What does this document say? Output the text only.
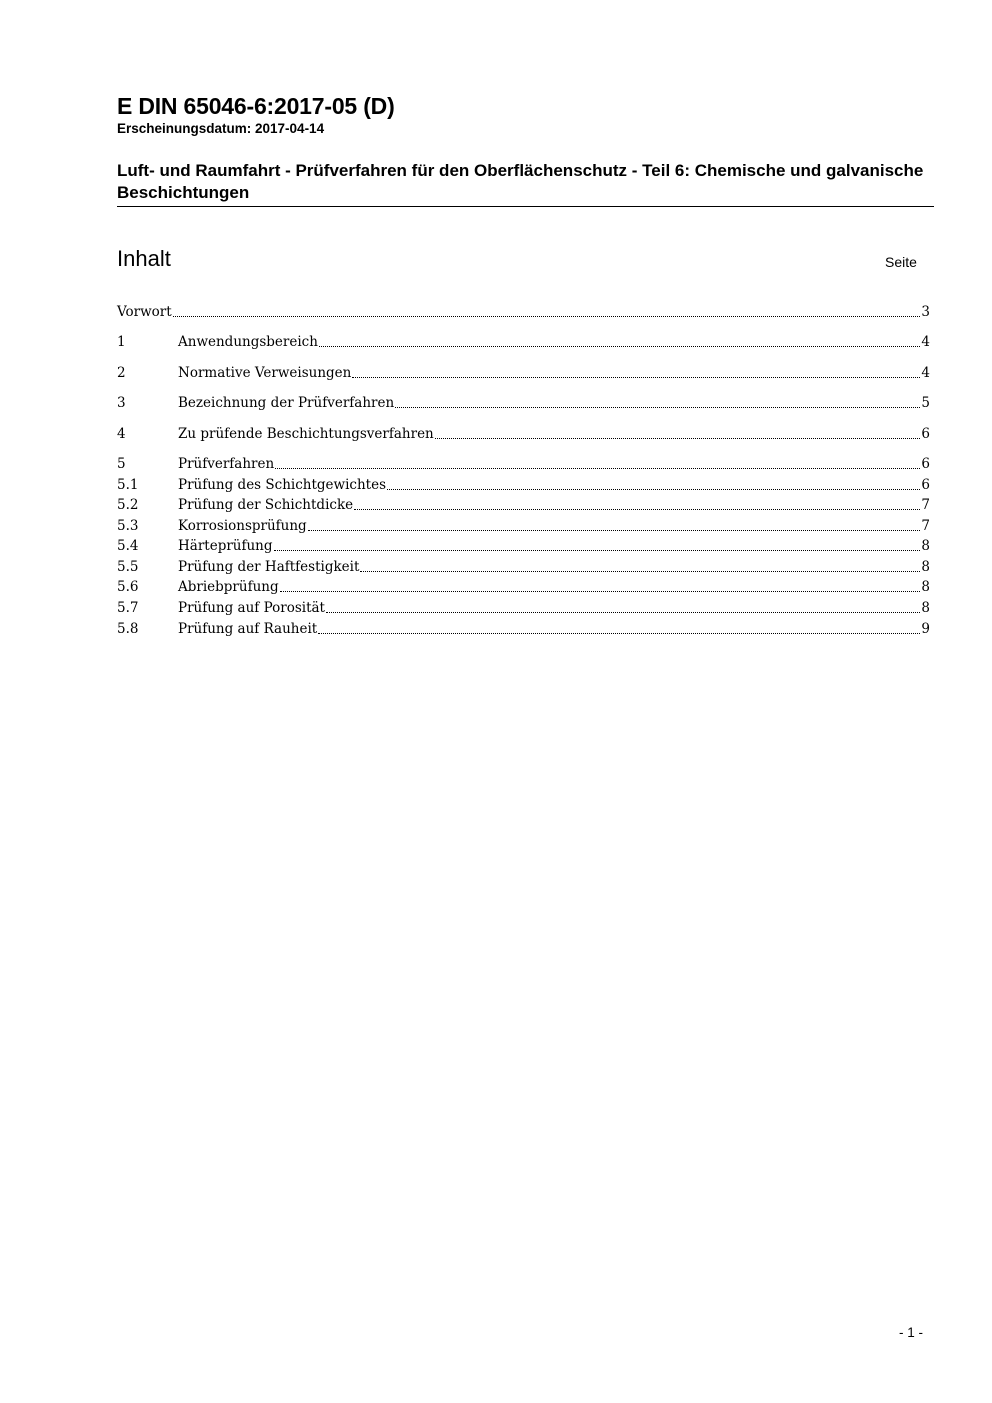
E DIN 65046-6:2017-05 (D)
Erscheinungsdatum: 2017-04-14
Luft- und Raumfahrt - Prüfverfahren für den Oberflächenschutz - Teil 6: Chemische und galvanische Beschichtungen
Inhalt	Seite
Vorwort	3
1	Anwendungsbereich	4
2	Normative Verweisungen	4
3	Bezeichnung der Prüfverfahren	5
4	Zu prüfende Beschichtungsverfahren	6
5	Prüfverfahren	6
5.1	Prüfung des Schichtgewichtes	6
5.2	Prüfung der Schichtdicke	7
5.3	Korrosionsprüfung	7
5.4	Härteprüfung	8
5.5	Prüfung der Haftfestigkeit	8
5.6	Abriebprüfung	8
5.7	Prüfung auf Porosität	8
5.8	Prüfung auf Rauheit	9
- 1 -
